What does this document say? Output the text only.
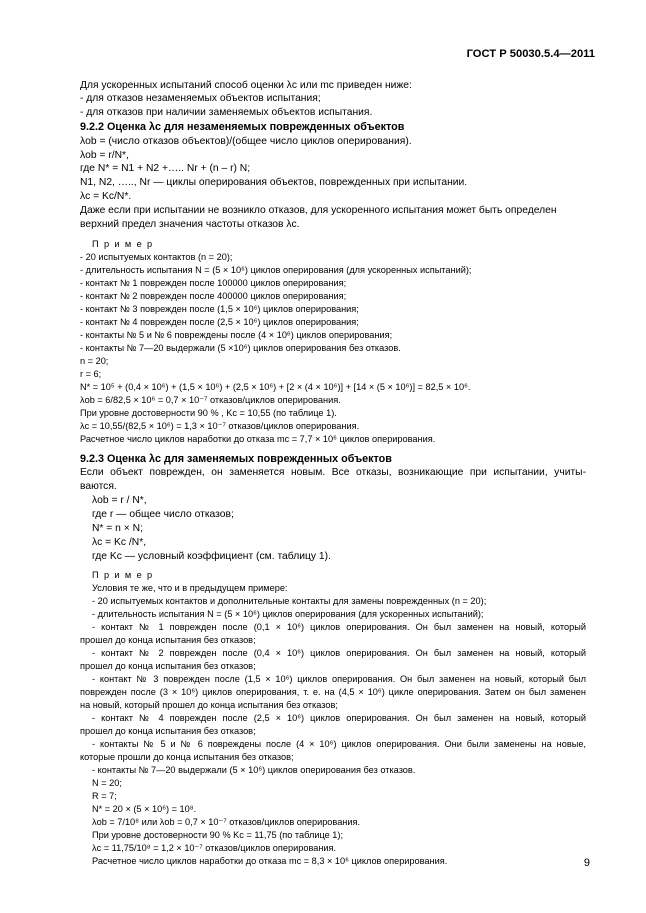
ГОСТ Р 50030.5.4—2011
Для ускоренных испытаний способ оценки λc или mc приведен ниже:
- для отказов незаменяемых объектов испытания;
- для отказов при наличии заменяемых объектов испытания.
9.2.2 Оценка λc для незаменяемых поврежденных объектов
λob = (число отказов объектов)/(общее число циклов оперирования).
λob = r/N*,
где N* = N1 + N2 +….. Nr + (n – r) N;
N1, N2, ….., Nr — циклы оперирования объектов, поврежденных при испытании.
λc = Kc/N*.
Даже если при испытании не возникло отказов, для ускоренного испытания может быть определен
верхний предел значения частоты отказов λc.
П р и м е р
- 20 испытуемых контактов (n = 20);
- длительность испытания N = (5 × 10⁶) циклов оперирования (для ускоренных испытаний);
- контакт № 1 поврежден после 100000 циклов оперирования;
- контакт № 2 поврежден после 400000 циклов оперирования;
- контакт № 3 поврежден после (1,5 × 10⁶) циклов оперирования;
- контакт № 4 поврежден после (2,5 × 10⁶) циклов оперирования;
- контакты № 5 и № 6 повреждены после (4 × 10⁶) циклов оперирования;
- контакты № 7—20 выдержали (5 ×10⁶) циклов оперирования без отказов.
n = 20;
r = 6;
N* = 10⁵ + (0,4 × 10⁶) + (1,5 × 10⁶) + (2,5 × 10⁶) + [2 × (4 × 10⁶)] + [14 × (5 × 10⁶)] = 82,5 × 10⁶.
λob = 6/82,5 × 10⁶ = 0,7 × 10⁻⁷ отказов/циклов оперирования.
При уровне достоверности 90 % , Kc = 10,55 (по таблице 1).
λc = 10,55/(82,5 × 10⁶) = 1,3 × 10⁻⁷ отказов/циклов оперирования.
Расчетное число циклов наработки до отказа mc = 7,7 × 10⁶ циклов оперирования.
9.2.3 Оценка λc для заменяемых поврежденных объектов
Если объект поврежден, он заменяется новым. Все отказы, возникающие при испытании, учиты-
ваются.
λob = r / N*,
где r — общее число отказов;
N* = n × N;
λc = Kc /N*,
где Kc — условный коэффициент (см. таблицу 1).
П р и м е р
Условия те же, что и в предыдущем примере:
- 20 испытуемых контактов и дополнительные контакты для замены поврежденных (n = 20);
- длительность испытания N = (5 × 10⁶) циклов оперирования (для ускоренных испытаний);
- контакт № 1 поврежден после (0,1 × 10⁶) циклов оперирования. Он был заменен на новый, который
прошел до конца испытания без отказов;
- контакт № 2 поврежден после (0,4 × 10⁶) циклов оперирования. Он был заменен на новый, который
прошел до конца испытания без отказов;
- контакт № 3 поврежден после (1,5 × 10⁶) циклов оперирования. Он был заменен на новый, который был
поврежден после (3 × 10⁶) циклов оперирования, т. е. на (4,5 × 10⁶) цикле оперирования. Затем он был заменен
на новый, который прошел до конца испытания без отказов;
- контакт № 4 поврежден после (2,5 × 10⁶) циклов оперирования. Он был заменен на новый, который
прошел до конца испытания без отказов;
- контакты № 5 и № 6 повреждены после (4 × 10⁶) циклов оперирования. Они были заменены на новые,
которые прошли до конца испытания без отказов;
- контакты № 7—20 выдержали (5 × 10⁶) циклов оперирования без отказов.
N = 20;
R = 7;
N* = 20 × (5 × 10⁶) = 10⁸.
λob = 7/10⁸ или λob = 0,7 × 10⁻⁷ отказов/циклов оперирования.
При уровне достоверности 90 % Kc = 11,75 (по таблице 1);
λc = 11,75/10⁸ = 1,2 × 10⁻⁷ отказов/циклов оперирования.
Расчетное число циклов наработки до отказа mc = 8,3 × 10⁶ циклов оперирования.	9
